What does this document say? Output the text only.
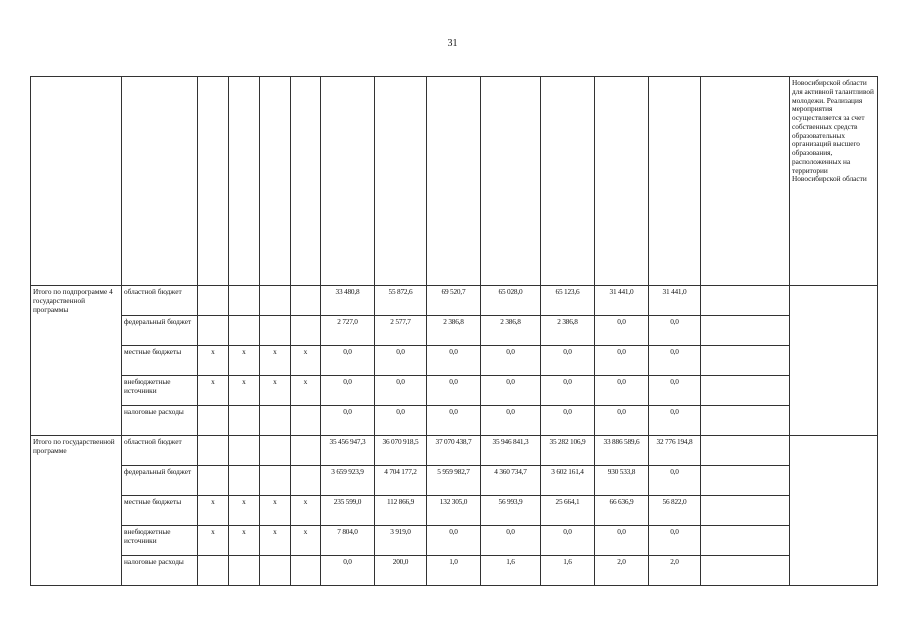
31
														Новосибирской области для активной талантливой молодежи. Реализация мероприятия осуществляется за счет собственных средств образовательных организаций высшего образования, расположенных на территории Новосибирской области
Итого по подпрограмме 4 государственной программы	областной бюджет					33 480,8	55 872,6	69 520,7	65 028,0	65 123,6	31 441,0	31 441,0		
	федеральный бюджет					2 727,0	2 577,7	2 386,8	2 386,8	2 386,8	0,0	0,0		
	местные бюджеты	x	x	x	x	0,0	0,0	0,0	0,0	0,0	0,0	0,0		
	внебюджетные источники	x	x	x	x	0,0	0,0	0,0	0,0	0,0	0,0	0,0		
	налоговые расходы					0,0	0,0	0,0	0,0	0,0	0,0	0,0		
Итого по государственной программе	областной бюджет					35 456 947,3	36 070 918,5	37 070 438,7	35 946 841,3	35 282 106,9	33 886 589,6	32 776 194,8		
	федеральный бюджет					3 659 923,9	4 704 177,2	5 959 982,7	4 360 734,7	3 602 161,4	930 533,8	0,0		
	местные бюджеты	x	x	x	x	235 599,0	112 866,9	132 305,0	56 993,9	25 664,1	66 636,9	56 822,0		
	внебюджетные источники	x	x	x	x	7 804,0	3 919,0	0,0	0,0	0,0	0,0	0,0		
	налоговые расходы					0,0	200,0	1,0	1,6	1,6	2,0	2,0		
